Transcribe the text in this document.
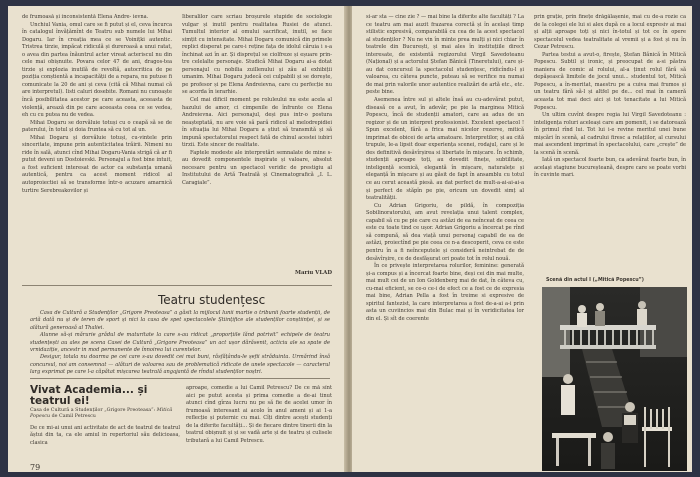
de frumoasă și inconsistentă Elena Andre- ievna.

Unchiul Vania, omul care se fi putut și el, ceva încurca în catalogul învățămînt de Teatru sub numele lui Mihai Dogaru. Iar în creația mea ce se Voinițki autentic. Tristrea tirzie, impăcat ridiculă și dureroasă a unui ratat, o avea din partea înăuntrul acter vireat acteriscul nu din cele mai obișnuite. Povara celor 47 de ani, dragos-tea tirzie și explozia inutilă de revoltă, autocritica de pe poziția conștientă a incapacității de a repara, nu putuse fi comunicate la 20 de ani și ceva (cită că Mihai numai că are interpretul). Iisti caluri dosebite. Romani nu cunoaște încă posibilitatea acestor pe care aceasta, aceeasta de violență, arează din pe care aceeasta ceea ce se vedea, eh cu cu putea nu de vedea.

Mihai Dogaru se dorvăluie totuși cu o ceapă să se de paterului, în totul și doia fruntea să cu tot al un.

Mihai Dogaru și dorvăluie totuși, cu-vintele prin sinceritate, impune prin autenticitatea trăirii. Nimeni nu ride în sală, atunci cînd Mihai Dogaru-Vania strigă că ar fi putut deveni un Dostoievski. Personajul a fost bine intuit, a fost suficient interesat de actor ca substanța umană autentică, pentru ca acest moment ridicol al autoproiectiei să se transforme într-o acuzare amarnică turtire Serebreakovilor și

Iiberalilor care scriau broșurele stupide de sociologie vulgar și inutil pentru realitatea Rusiei de atunci. Tumultul interior al omului sacrificat, inutil, se face simțit cu intensitate. Mihai Dogaru comunică din primele replici disperat pe care-i reține fața de idolul căruia i s-a închinat azi în ar. Și disprețul se ciolfreze și eșuare prin-tre celelalte personaje. Studică Mihai Dogaru ai-a dotat personajul cu nobilia zuillenului și zău al exhibiții umanim. Mihai Dogaru judecă cei culpabili și se dorește, pe profesor și pe Elena Andreievna, care cu perfecție nu se acorda în ierarhie.

Cel mai dificil moment pe roluleului nu este acela al hazului de amor, ci cimpenile de înfrunte ce Elena Andreievna. Aici personajul, deși pus intr-o postura neașteptată, nu are voie să pară ridicol al melodrepidiei în situația lui Mihai Dogaru a știut să transmită și să impună spectatorului respect fată de chinul acestei iubiri tirzii. Este sincer de realitate.

Faptele modeste ale interpretări semnalate de mine s-au dovedit componentele inspirate și valoare, absolut necesare pentru un spectacol veridic de prestigiu al Institutului de Artă Teatrală și Cinematografică „I. L. Caragiale”.

Mariu VLAD
Teatru studențesc

Casa de Cultură a Studenților „Grigore Preoteasa” a găsit la mijlocul lunii martie o tribunii foarte studenții, de artă dată nu și de teren de sport și nici la casa de spet spectacolele Științifice ale studenților conștiinței, și se alătură generoasă al Thaliei.

Alunne să-și mărurie grădul de maturitate la care s-au ridicat „proporțiile lănd potrivit” echipele de teatru studențești au ales pe scena Casei de Cultură „Grigore Preoteasa” un act ușor dărăsenit, acticiu ale sa spate de vrnidaziție, ancestr in mod permanente de înnoirea lui curentelor.

Desigur, totala nu doarma pe cei care s-au dovedit cei mai buni, răsfățându-le șefii străduinta. Urmărind însă concursul, noi am consemnat — alături de valoarea sau de problematică ridicate de unele spectacole — caracterul larg exprimat pe care l-a căpătat mișcarea teatrală angajantă de rîndul studenților noștri.

Vivat Academia... și teatrul ei!
Casa de Cultură a Studenților „Grigore Preoteasa”: Mitică Popescu de Camil Petrescu
De ce mi-ai unui ani activitate de act de teatrul de teatrul ăștui din ta, ca ele amiul in repertoriul său delicioasa, clasica

aproape, comedie a lui Camil Petrescu? De ce mă sînt aici pe putut acesta și prima comedie a de-ai tinut atunci cînd gîrza lucru nu pe să fie de acelei umor în frumoasă interesant ai acolo în anul ameni și ai 1-a reflecție și puternic cu mai. Cîți dintre acești studenți de la diferite facultăți... Și de fiecare dintre tinerii din la teatrul obișnuit și și se vadă arte și de teatru și culisele tributară a lui Camil Petrescu.

79

si-ar sta — cine zie ? — mai bine la diferite alte facultăți ? La ce teatru am mai auzit frazarea corectă și în același timp stilistic expresivă, comparabilă cu cea de la acest spectacol al studenților ? Nu ne vin în minte prea mulți și nici chiar în teatrele din București, și mai ales în instituțiile direct interesate, de existentă regizorului Virgil Savedoteanu (Național) și a actorului Ștefan Bănică (Tineretului), care și-au dat concursul la spectacolul studențesc, ridicîndu-l și valoarea, cu câteva puncte, puteau să se verifice nu numai de mai prin valorile unor autentice realizări de artă etc., etc. peste bine.

Asemenea între sul și altele însă au cu-adevărat putut, diseasă ce a avut, în adevăr, pe pie la marginea Mitică Popescu, încă de studenții amatori, care au adus de un regizor și de un interpret professionist. Excelent spectacol ! Spun excelent, fără a frica mai nicelor rezerve, mitică imprimat de obicei de arta amatoare. Interpretilor, și au cită trupule, le-a lipsit doar experiența scenei, rodajul, care și le des definitivă desăvîrșirea si libertate în mișcare. În schimb, studenții aproape toți, au dovedit finețe, subtilitate, inteligență scenică, elegantă în mișcare, naturalețe și eleganță în mișcare și au găsit de fapt în ansamblu cu totul ce au cerut această piesă. au dat perfect de mult-a-ai-ai-ai-a și perfect de stăpîn pe pie, oricum un dovedit simț al teatralității.

Cu Adrian Grigoriu, de pildă, în compoziția Sobilinoratorului, am avut revelația unui talent complex, capabil să cu pe pie care cu astăzi de ea neînceat de ceea ce este cu toate tind ce ușor. Adrian Grigoriu a încercat pe rînd să compună, să dea viață unui personaj capabil de ea de astăzi, proiectînd pe pie ceea ce n-a descoperit, ceva ce este pentru în a fi neînceputele și consideră neintrebat de de desăvîrșire, ce de desfășurat ori poate tot în rolul nouă.

În ce privește interpretarea rolurilor, feminine: generată și-a compus și a încercat foarte bine, deși cei din mai multe, mai mult cei de un Ion Goldenberg mai de dat, în câteva cu, cu-mai eficient, se ce-o ce-i de efect ce a fost ce de expresia mai bine, Adrian Pella a fost în treime si expresive de spiritul fantezist, la care interpretarea a fost de-a-ai a-i prin asta un cuviincios mai din Bulac mai și în veridicitatea lor din el. Și sît de coerente

prin grație, prin finețe drăgălașenie, mai cu de-a rozie ca de la colegei ele lui si alex după ce a locul expresiv ai mai și alții aproape toți și nici în-totul și tot ce în opere spectacolul vedea teatralitate al vremii și a fost și nu în Cezar Petrescu.

Partea testui a avut-o, firește, Ștefan Bănică în Mitică Popescu. Subtil și ironic, și preocupat de a-si păstra maniera de comic al rolului, al-a ținut rolul fără să depășească limitele de jocul unui... studentul tot, Mitică Popescu, a în-meritat, maestru pe a cuiva mai frumos și un teatru fără să-l și altfel pe de... cel mai în cameră aceasta tot mai deci aici și tot tenacitate a lui Mitică Popescu.

Un ultim cuvînt despre regia lui Virgil Savedoteanu : inteligența roluri aceleași care am pomenit, i se datorează în primul rînd lui. Tot lui i-e revine meritul unei bune mișcări în scenă, al cadrului firesc a relațiilor, al cursului mai ascendent imprimat în spectacolului, care „crește” de la scenă în scenă.

Iată un spectacol foarte bun, ca adevărat foarte bun, în același stagiune bucureșteană, despre care se poate vorbi în cuvinte mari.

Scenă din actul I („Mitică Popescu”)
